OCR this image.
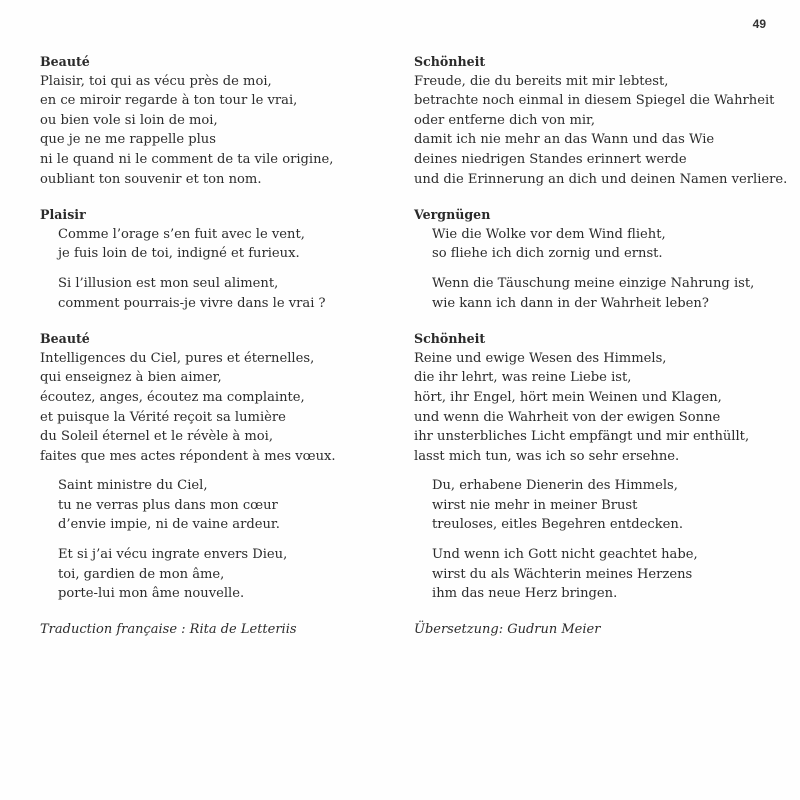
49
Beauté
Plaisir, toi qui as vécu près de moi,
en ce miroir regarde à ton tour le vrai,
ou bien vole si loin de moi,
que je ne me rappelle plus
ni le quand ni le comment de ta vile origine,
oubliant ton souvenir et ton nom.
Plaisir
Comme l’orage s’en fuit avec le vent,
je fuis loin de toi, indigné et furieux.
Si l’illusion est mon seul aliment,
comment pourrais-je vivre dans le vrai ?
Beauté
Intelligences du Ciel, pures et éternelles,
qui enseignez à bien aimer,
écoutez, anges, écoutez ma complainte,
et puisque la Vérité reçoit sa lumière
du Soleil éternel et le révèle à moi,
faites que mes actes répondent à mes vœux.
Saint ministre du Ciel,
tu ne verras plus dans mon cœur
d’envie impie, ni de vaine ardeur.
Et si j’ai vécu ingrate envers Dieu,
toi, gardien de mon âme,
porte-lui mon âme nouvelle.
Traduction française : Rita de Letteriis
Schönheit
Freude, die du bereits mit mir lebtest,
betrachte noch einmal in diesem Spiegel die Wahrheit
oder entferne dich von mir,
damit ich nie mehr an das Wann und das Wie
deines niedrigen Standes erinnert werde
und die Erinnerung an dich und deinen Namen verliere.
Vergnügen
Wie die Wolke vor dem Wind flieht,
so fliehe ich dich zornig und ernst.
Wenn die Täuschung meine einzige Nahrung ist,
wie kann ich dann in der Wahrheit leben?
Schönheit
Reine und ewige Wesen des Himmels,
die ihr lehrt, was reine Liebe ist,
hört, ihr Engel, hört mein Weinen und Klagen,
und wenn die Wahrheit von der ewigen Sonne
ihr unsterbliches Licht empfängt und mir enthüllt,
lasst mich tun, was ich so sehr ersehne.
Du, erhabene Dienerin des Himmels,
wirst nie mehr in meiner Brust
treuloses, eitles Begehren entdecken.
Und wenn ich Gott nicht geachtet habe,
wirst du als Wächterin meines Herzens
ihm das neue Herz bringen.
Übersetzung: Gudrun Meier
